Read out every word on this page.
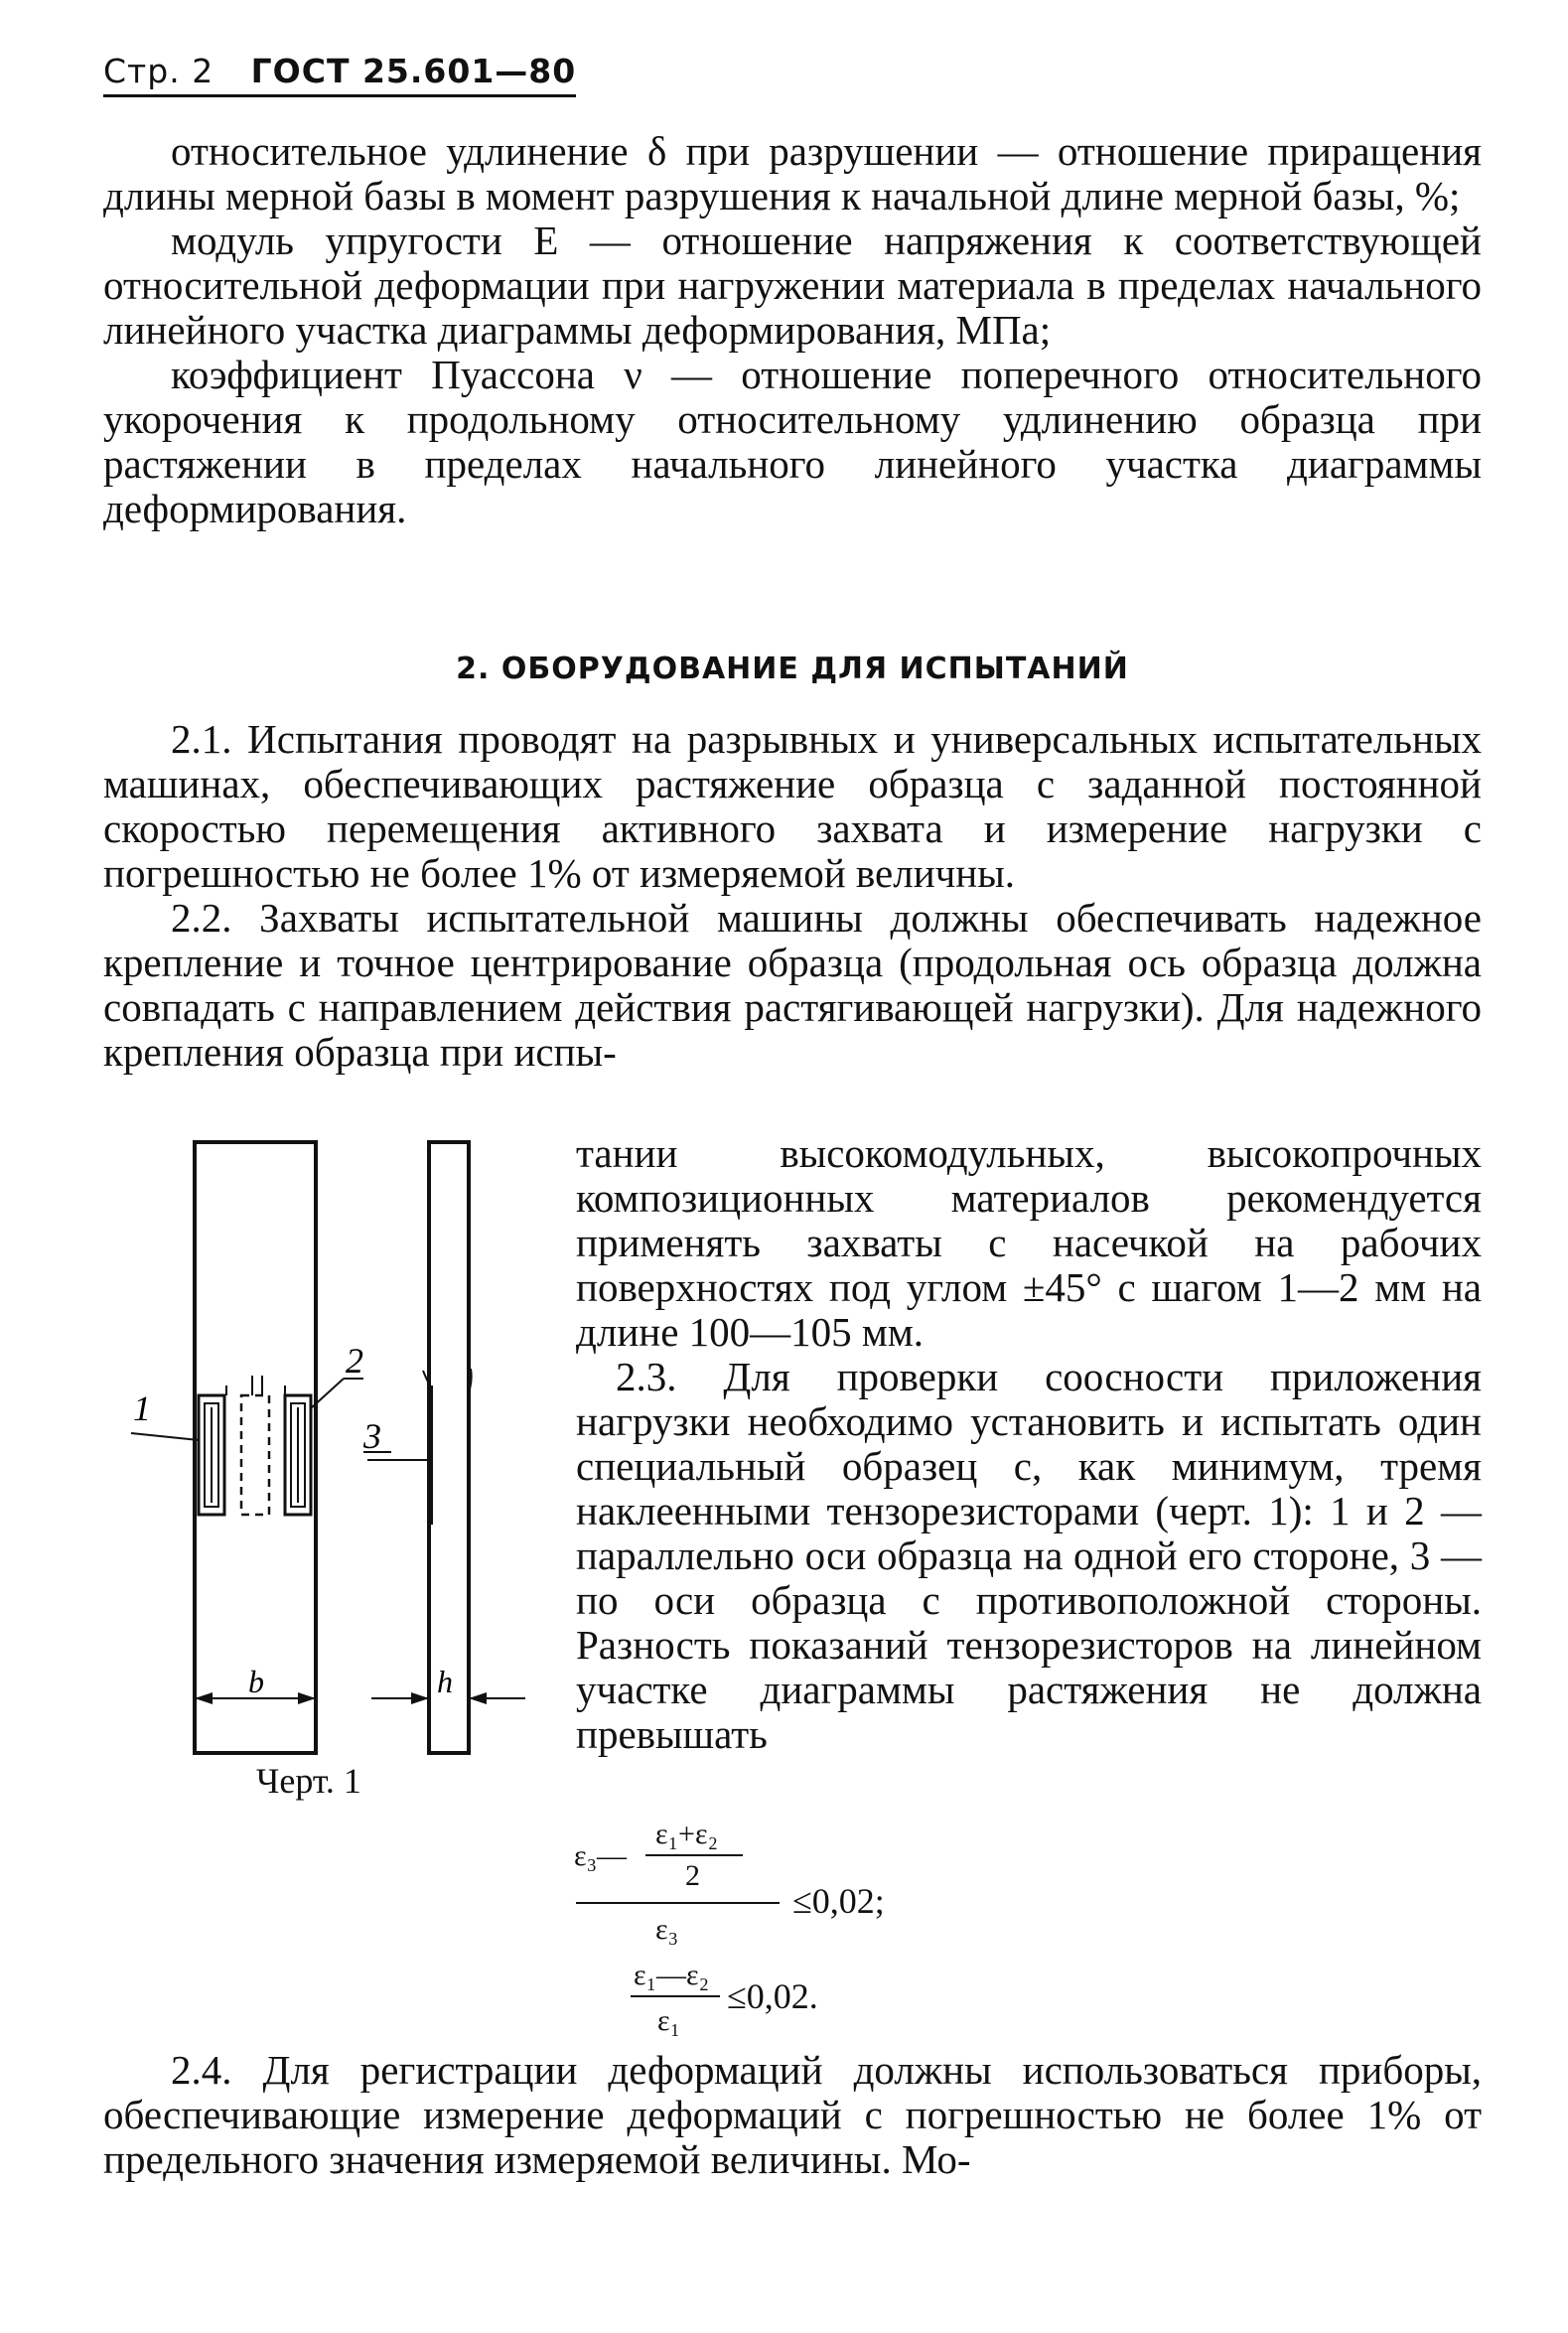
Стр. 2 ГОСТ 25.601—80

относительное удлинение δ при разрушении — отношение приращения длины мерной базы в момент разрушения к начальной длине мерной базы, %;

модуль упругости E — отношение напряжения к соответствующей относительной деформации при нагружении материала в пределах начального линейного участка диаграммы деформирования, МПа;

коэффициент Пуассона ν — отношение поперечного относительного укорочения к продольному относительному удлинению образца при растяжении в пределах начального линейного участка диаграммы деформирования.

2. ОБОРУДОВАНИЕ ДЛЯ ИСПЫТАНИЙ

2.1. Испытания проводят на разрывных и универсальных испытательных машинах, обеспечивающих растяжение образца с заданной постоянной скоростью перемещения активного захвата и измерение нагрузки с погрешностью не более 1% от измеряемой величны.

2.2. Захваты испытательной машины должны обеспечивать надежное крепление и точное центрирование образца (продольная ось образца должна совпадать с направлением действия растягивающей нагрузки). Для надежного крепления образца при испы-

тании высокомодульных, высокопрочных композиционных материалов рекомендуется применять захваты с насечкой на рабочих поверхностях под углом ±45° с шагом 1—2 мм на длине 100—105 мм.

2.3. Для проверки соосности приложения нагрузки необходимо установить и испытать один специальный образец с, как минимум, тремя наклеенными тензорезисторами (черт. 1): 1 и 2 — параллельно оси образца на одной его стороне, 3 — по оси образца с противоположной стороны. Разность показаний тензорезисторов на линейном участке диаграммы растяжения не должна превышать

1
2
3
b	h
Черт. 1
ε₁+ε₂
2
ε₃—
ε₃
≤0,02;
ε₁—ε₂
ε₁
≤0,02.

2.4. Для регистрации деформаций должны использоваться приборы, обеспечивающие измерение деформаций с погрешностью не более 1% от предельного значения измеряемой величины. Мо-
